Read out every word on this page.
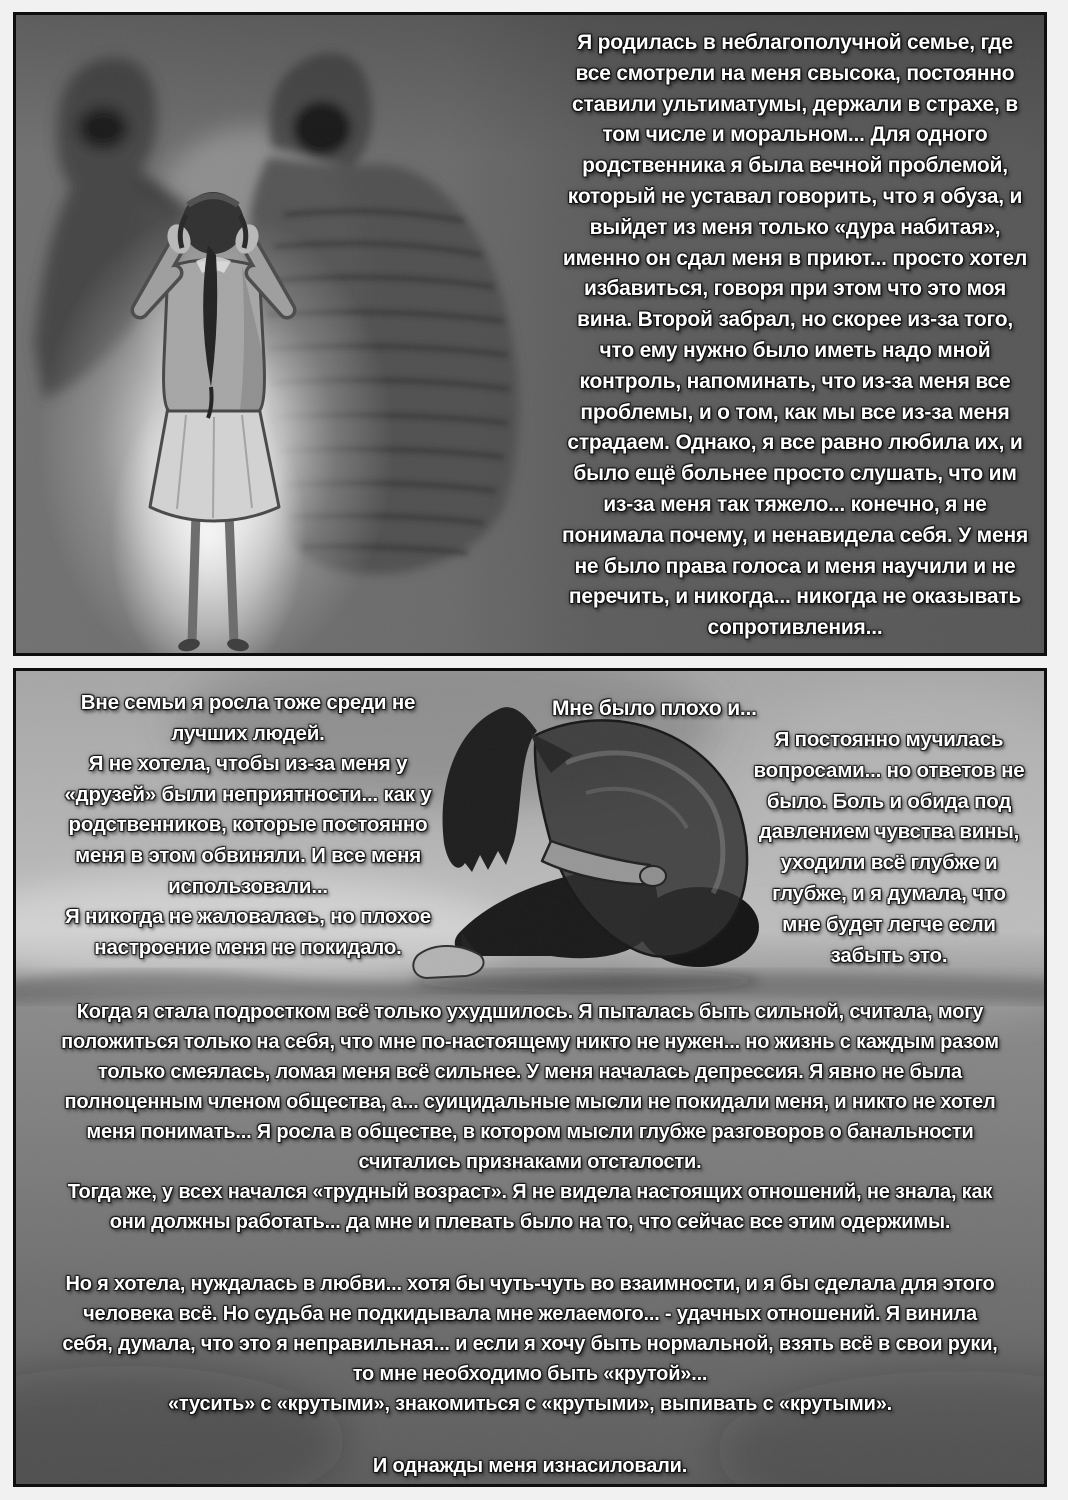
Я родилась в неблагополучной семье, где
все смотрели на меня свысока, постоянно
ставили ультиматумы, держали в страхе, в
том числе и моральном... Для одного
родственника я была вечной проблемой,
который не уставал говорить, что я обуза, и
выйдет из меня только «дура набитая»,
именно он сдал меня в приют... просто хотел
избавиться, говоря при этом что это моя
вина. Второй забрал, но скорее из-за того,
что ему нужно было иметь надо мной
контроль, напоминать, что из-за меня все
проблемы, и о том, как мы все из-за меня
страдаем. Однако, я все равно любила их, и
было ещё больнее просто слушать, что им
из-за меня так тяжело... конечно, я не
понимала почему, и ненавидела себя. У меня
не было права голоса и меня научили и не
перечить, и никогда... никогда не оказывать
сопротивления...
Вне семьи я росла тоже среди не
лучших людей.
Я не хотела, чтобы из-за меня у
«друзей» были неприятности... как у
родственников, которые постоянно
меня в этом обвиняли. И все меня
использовали...
Я никогда не жаловалась, но плохое
настроение меня не покидало.
Мне было плохо и...
Я постоянно мучилась
вопросами... но ответов не
было. Боль и обида под
давлением чувства вины,
уходили всё глубже и
глубже, и я думала, что
мне будет легче если
забыть это.
Когда я стала подростком всё только ухудшилось. Я пыталась быть сильной, считала, могу
положиться только на себя, что мне по-настоящему никто не нужен... но жизнь с каждым разом
только смеялась, ломая меня всё сильнее. У меня началась депрессия. Я явно не была
полноценным членом общества, а... суицидальные мысли не покидали меня, и никто не хотел
меня понимать... Я росла в обществе, в котором мысли глубже разговоров о банальности
считались признаками отсталости.
Тогда же, у всех начался «трудный возраст». Я не видела настоящих отношений, не знала, как
они должны работать... да мне и плевать было на то, что сейчас все этим одержимы.
Но я хотела, нуждалась в любви... хотя бы чуть-чуть во взаимности, и я бы сделала для этого
человека всё. Но судьба не подкидывала мне желаемого... - удачных отношений. Я винила
себя, думала, что это я неправильная... и если я хочу быть нормальной, взять всё в свои руки,
то мне необходимо быть «крутой»...
«тусить» с «крутыми», знакомиться с «крутыми», выпивать с «крутыми».
И однажды меня изнасиловали.
